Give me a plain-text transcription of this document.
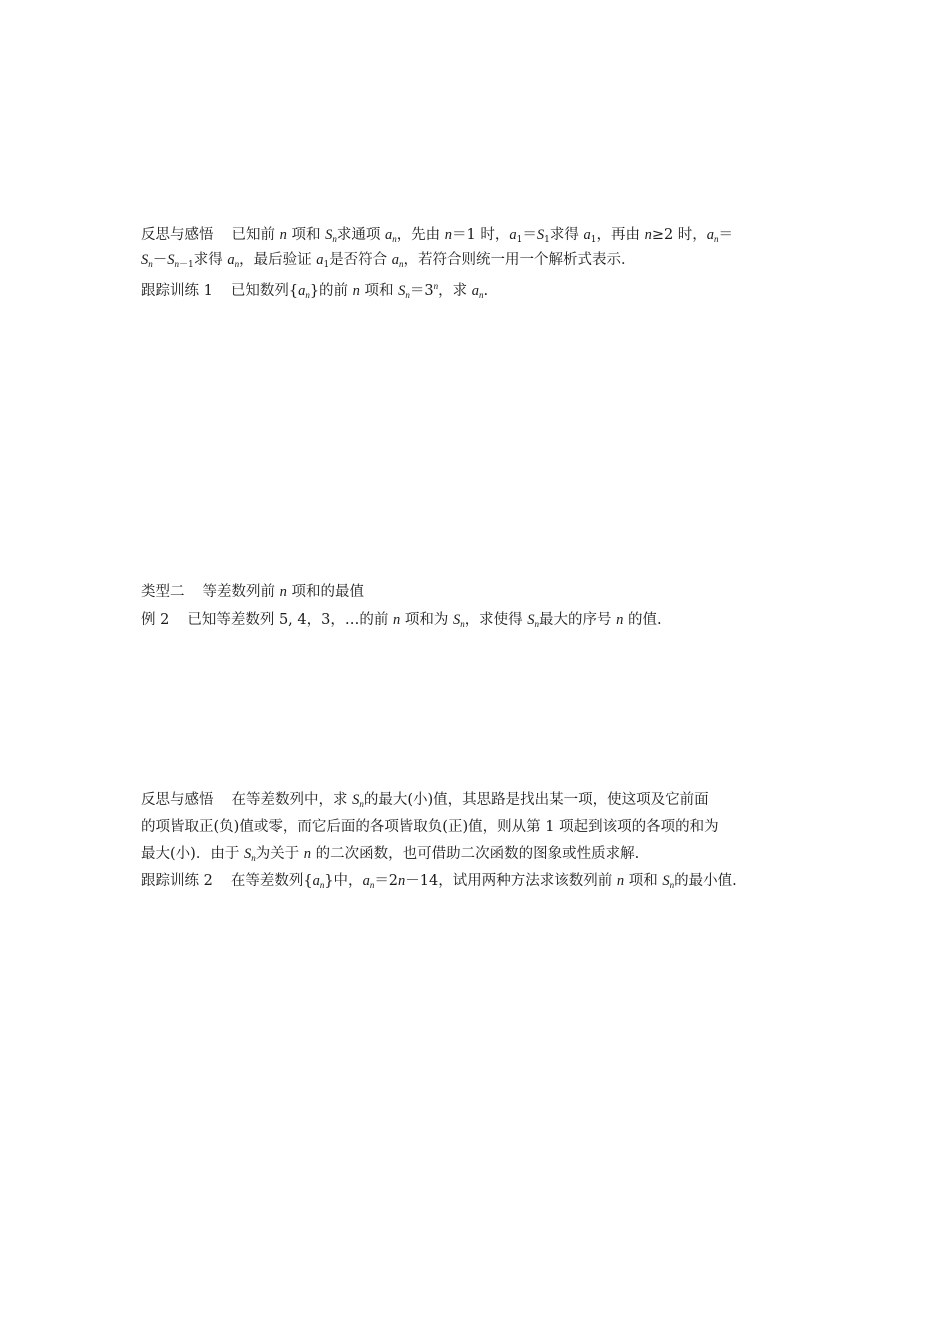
反思与感悟 已知前 n 项和 $S_n$求通项 $a_n$，先由 n＝1 时，$a_1=S_1$求得 $a_1$，再由 n≥2 时，$a_n=$
$S_n-S_{n-1}$求得 $a_n$，最后验证 $a_1$是否符合 $a_n$，若符合则统一用一个解析式表示．
跟踪训练 1 已知数列$\{a_n\}$的前 n 项和 $S_n=3^n$，求 $a_n$.
类型二 等差数列前 n 项和的最值
例 2 已知等差数列 5, 4，3，…的前 n 项和为 $S_n$，求使得 $S_n$最大的序号 n 的值.
反思与感悟 在等差数列中，求 $S_n$的最大(小)值，其思路是找出某一项，使这项及它前面
的项皆取正(负)值或零，而它后面的各项皆取负(正)值，则从第 1 项起到该项的各项的和为
最大(小)．由于 $S_n$为关于 n 的二次函数，也可借助二次函数的图象或性质求解.
跟踪训练 2 在等差数列$\{a_n\}$中，$a_n=2n-14$，试用两种方法求该数列前 n 项和 $S_n$的最小值.
